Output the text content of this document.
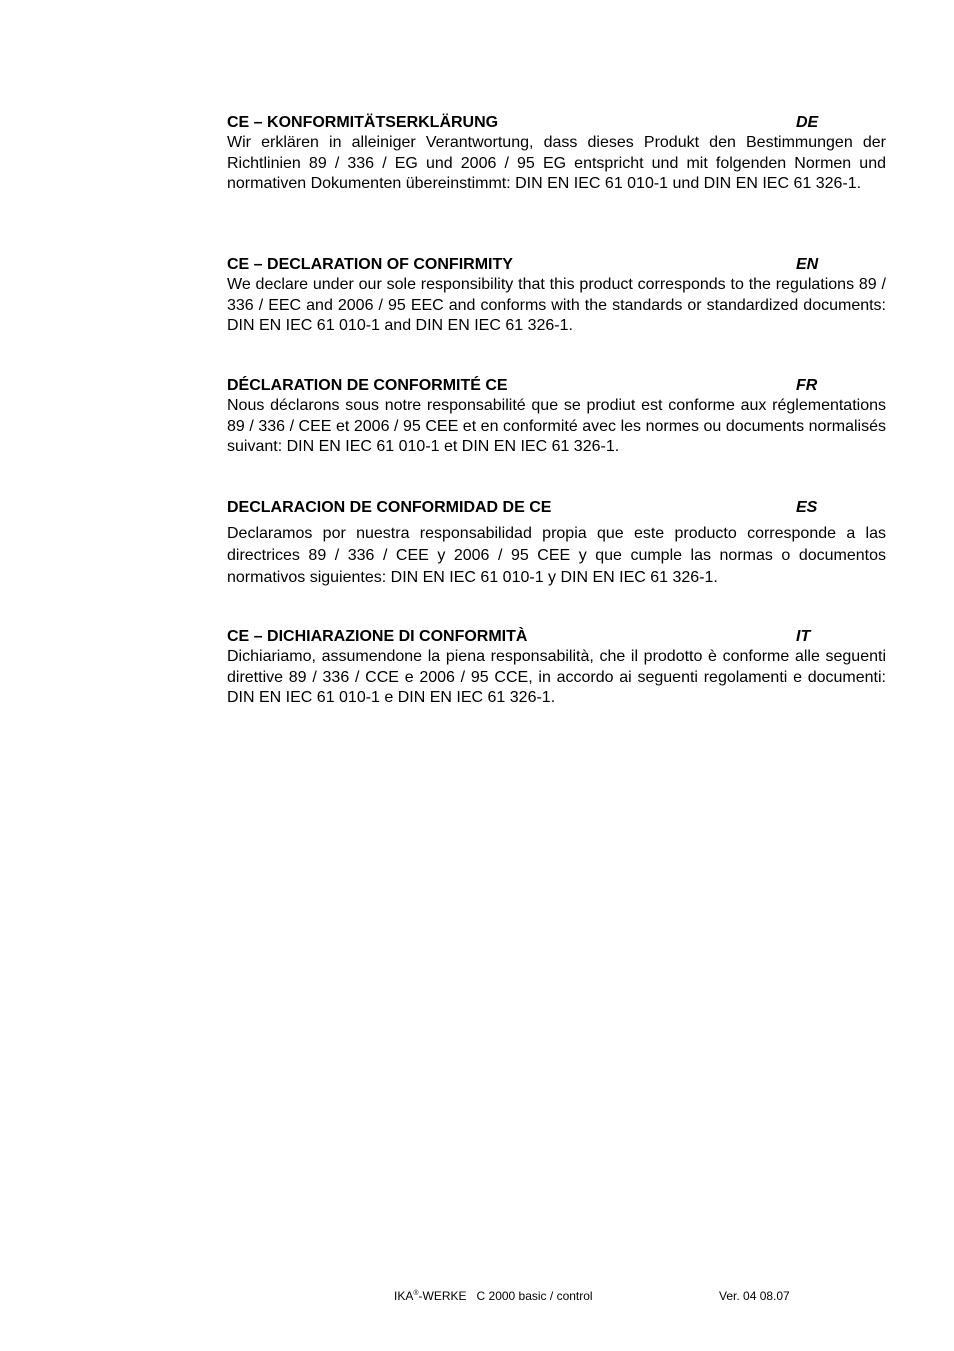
CE – KONFORMITÄTSERKLÄRUNG	DE
Wir erklären in alleiniger Verantwortung, dass dieses Produkt den Bestimmungen der Richtlinien 89 / 336 / EG und 2006 / 95 EG entspricht und mit folgenden Normen und normativen Dokumenten übereinstimmt: DIN EN IEC 61 010-1 und DIN EN IEC 61 326-1.
CE – DECLARATION OF CONFIRMITY	EN
We declare under our sole responsibility that this product corresponds to the regulations 89 / 336 / EEC and 2006 / 95 EEC and conforms with the standards or standardized documents: DIN EN IEC 61 010-1 and DIN EN IEC 61 326-1.
DÉCLARATION DE CONFORMITÉ CE	FR
Nous déclarons sous notre responsabilité que se prodiut est conforme aux réglementations 89 / 336 / CEE et 2006 / 95 CEE et en conformité avec les normes ou documents normalisés suivant: DIN EN IEC 61 010-1 et DIN EN IEC 61 326-1.
DECLARACION DE CONFORMIDAD DE CE	ES
Declaramos por nuestra responsabilidad propia que este producto corresponde a las directrices 89 / 336 / CEE y 2006 / 95 CEE y que cumple las normas o documentos normativos siguientes: DIN EN IEC 61 010-1 y DIN EN IEC 61 326-1.
CE – DICHIARAZIONE DI CONFORMITÀ	IT
Dichiariamo, assumendone la piena responsabilità, che il prodotto è conforme alle seguenti direttive 89 / 336 / CCE e 2006 / 95 CCE, in accordo ai seguenti regolamenti e documenti: DIN EN IEC 61 010-1 e DIN EN IEC 61 326-1.
IKA®-WERKE   C 2000 basic / control	Ver. 04 08.07
